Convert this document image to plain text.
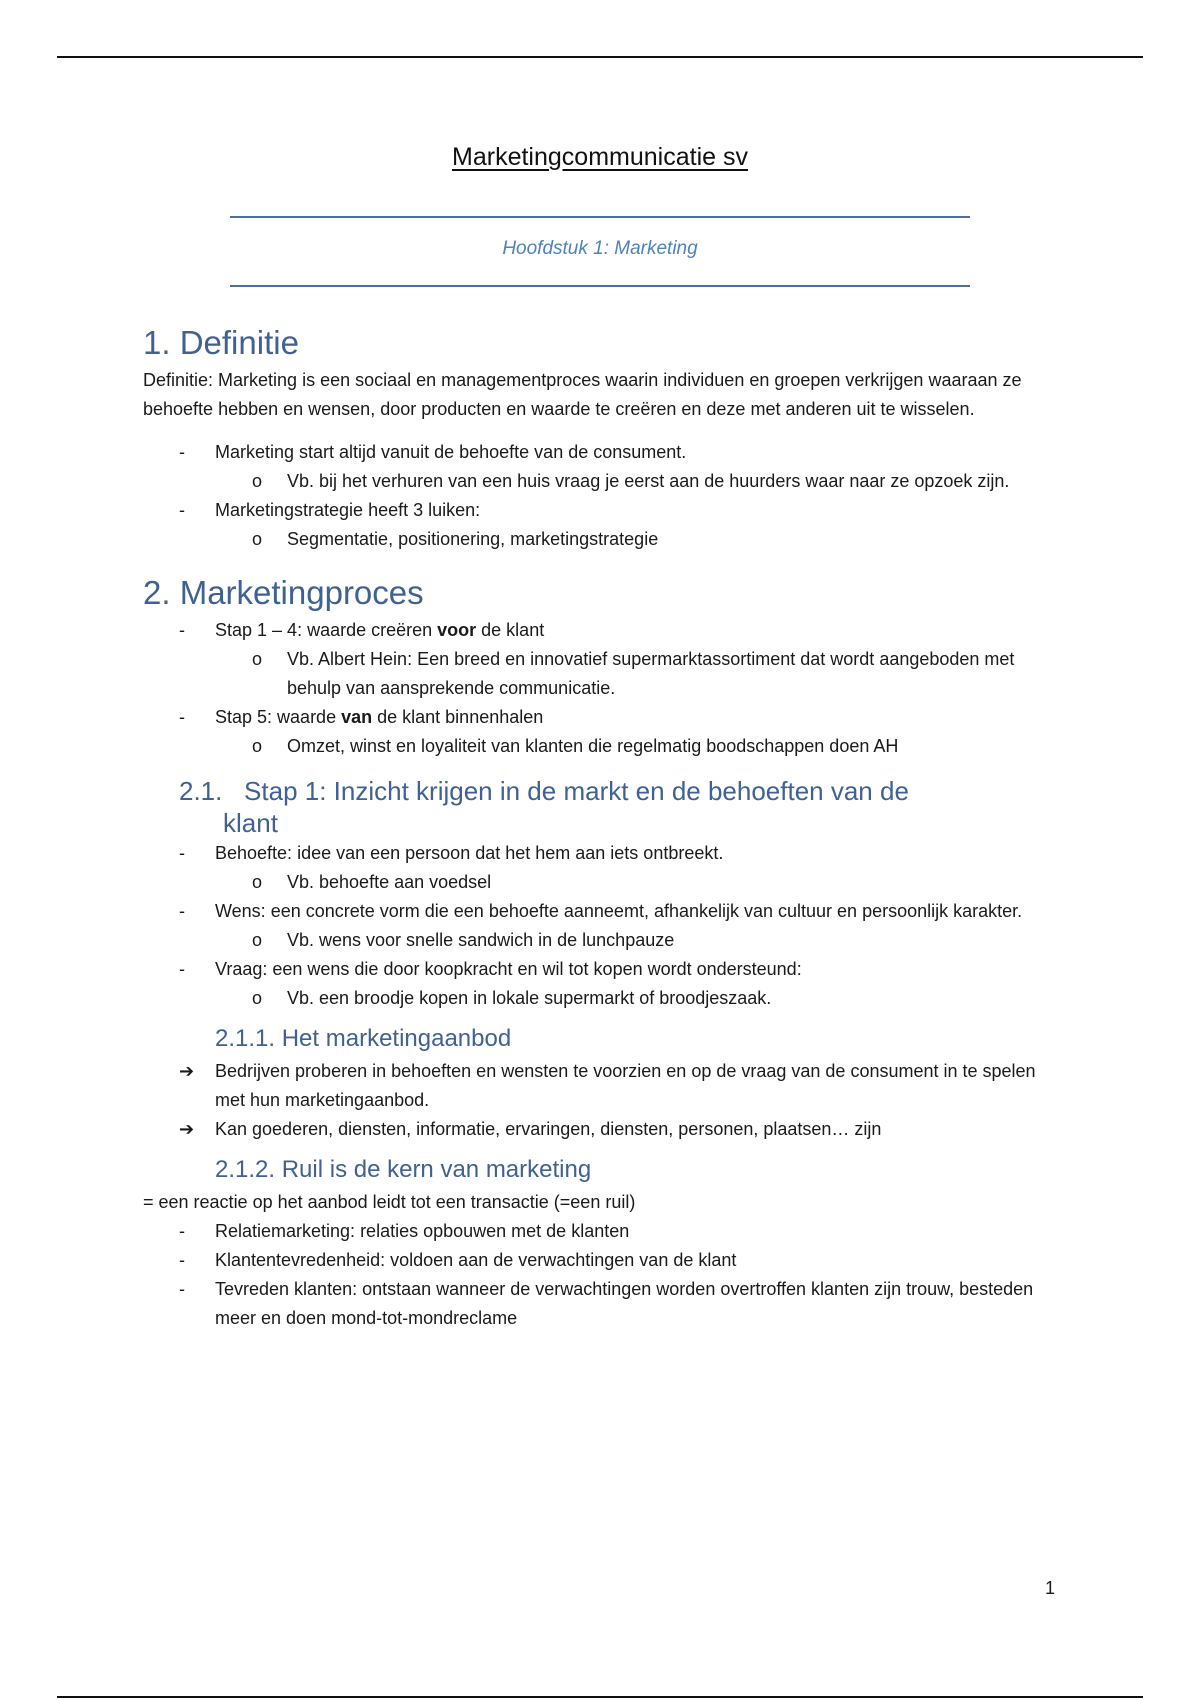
Marketingcommunicatie sv
Hoofdstuk 1: Marketing
1. Definitie

Definitie: Marketing is een sociaal en managementproces waarin individuen en groepen verkrijgen waaraan ze behoefte hebben en wensen, door producten en waarde te creëren en deze met anderen uit te wisselen.

- Marketing start altijd vanuit de behoefte van de consument.
o Vb. bij het verhuren van een huis vraag je eerst aan de huurders waar naar ze opzoek zijn.
- Marketingstrategie heeft 3 luiken:
o Segmentatie, positionering, marketingstrategie
2. Marketingproces
- Stap 1 – 4: waarde creëren voor de klant
o Vb. Albert Hein: Een breed en innovatief supermarktassortiment dat wordt aangeboden met behulp van aansprekende communicatie.
- Stap 5: waarde van de klant binnenhalen
o Omzet, winst en loyaliteit van klanten die regelmatig boodschappen doen AH
2.1. Stap 1: Inzicht krijgen in de markt en de behoeften van de
klant
- Behoefte: idee van een persoon dat het hem aan iets ontbreekt.
o Vb. behoefte aan voedsel
- Wens: een concrete vorm die een behoefte aanneemt, afhankelijk van cultuur en persoonlijk karakter.
o Vb. wens voor snelle sandwich in de lunchpauze
- Vraag: een wens die door koopkracht en wil tot kopen wordt ondersteund:
o Vb. een broodje kopen in lokale supermarkt of broodjeszaak.
2.1.1. Het marketingaanbod
➔ Bedrijven proberen in behoeften en wensten te voorzien en op de vraag van de consument in te spelen met hun marketingaanbod.
➔ Kan goederen, diensten, informatie, ervaringen, diensten, personen, plaatsen… zijn
2.1.2. Ruil is de kern van marketing

= een reactie op het aanbod leidt tot een transactie (=een ruil)

- Relatiemarketing: relaties opbouwen met de klanten
- Klantentevredenheid: voldoen aan de verwachtingen van de klant
- Tevreden klanten: ontstaan wanneer de verwachtingen worden overtroffen klanten zijn trouw, besteden meer en doen mond-tot-mondreclame
1
